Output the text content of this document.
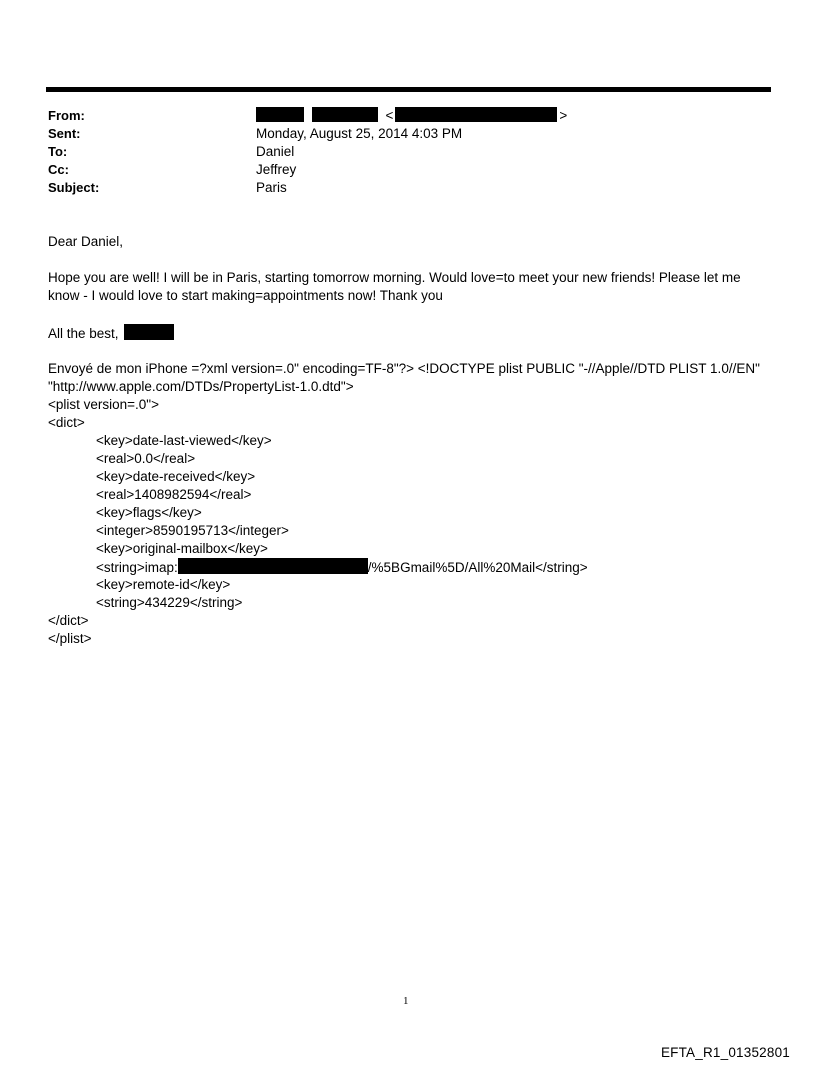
From:	<	>
Sent:	Monday, August 25, 2014 4:03 PM
To:	Daniel
Cc:	Jeffrey
Subject:	Paris
Dear Daniel,
Hope you are well! I will be in Paris, starting tomorrow morning. Would love=to meet your new friends! Please let me
know - I would love to start making=appointments now! Thank you
All the best,
Envoyé de mon iPhone =?xml version=.0" encoding=TF-8"?> <!DOCTYPE plist PUBLIC "-//Apple//DTD PLIST 1.0//EN"
"http://www.apple.com/DTDs/PropertyList-1.0.dtd">
<plist version=.0">
<dict>
<key>date-last-viewed</key>
<real>0.0</real>
<key>date-received</key>
<real>1408982594</real>
<key>flags</key>
<integer>8590195713</integer>
<key>original-mailbox</key>
<string>imap:	/%5BGmail%5D/All%20Mail</string>
<key>remote-id</key>
<string>434229</string>
</dict>
</plist>
1
EFTA_R1_01352801
